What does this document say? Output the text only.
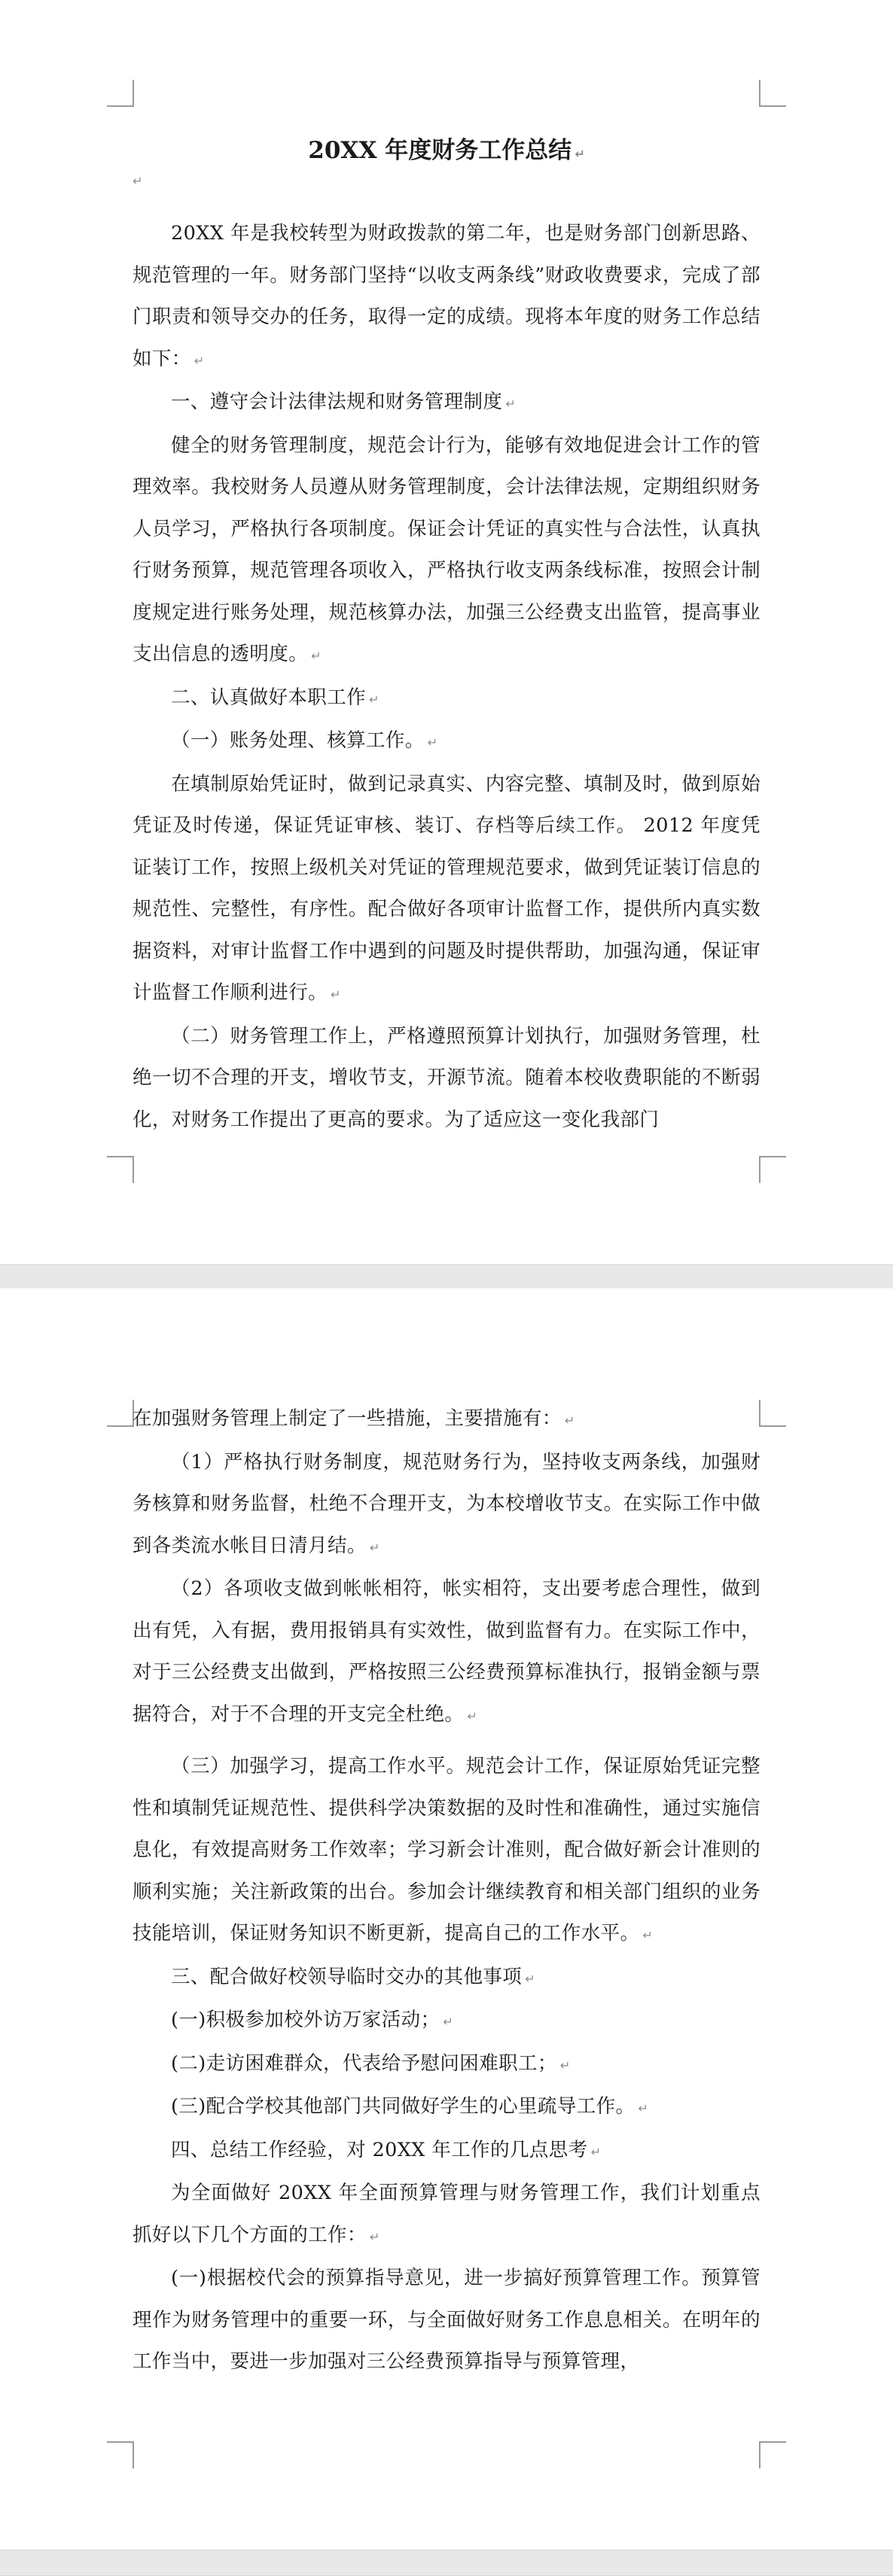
20XX 年度财务工作总结 ↵
↵

20XX 年是我校转型为财政拨款的第二年，也是财务部门创新思路、规范管理的一年。财务部门坚持“以收支两条线”财政收费要求，完成了部门职责和领导交办的任务，取得一定的成绩。现将本年度的财务工作总结如下： ↵

一、遵守会计法律法规和财务管理制度 ↵

健全的财务管理制度，规范会计行为，能够有效地促进会计工作的管理效率。我校财务人员遵从财务管理制度，会计法律法规，定期组织财务人员学习，严格执行各项制度。保证会计凭证的真实性与合法性，认真执行财务预算，规范管理各项收入，严格执行收支两条线标准，按照会计制度规定进行账务处理，规范核算办法，加强三公经费支出监管，提高事业支出信息的透明度。 ↵

二、认真做好本职工作 ↵

（一）账务处理、核算工作。 ↵

在填制原始凭证时，做到记录真实、内容完整、填制及时，做到原始凭证及时传递，保证凭证审核、装订、存档等后续工作。 2012 年度凭证装订工作，按照上级机关对凭证的管理规范要求，做到凭证装订信息的规范性、完整性，有序性。配合做好各项审计监督工作，提供所内真实数据资料，对审计监督工作中遇到的问题及时提供帮助，加强沟通，保证审计监督工作顺利进行。 ↵

（二）财务管理工作上，严格遵照预算计划执行，加强财务管理，杜绝一切不合理的开支，增收节支，开源节流。随着本校收费职能的不断弱化，对财务工作提出了更高的要求。为了适应这一变化我部门

在加强财务管理上制定了一些措施，主要措施有： ↵

（1）严格执行财务制度，规范财务行为，坚持收支两条线，加强财务核算和财务监督，杜绝不合理开支，为本校增收节支。在实际工作中做到各类流水帐目日清月结。 ↵

（2）各项收支做到帐帐相符，帐实相符，支出要考虑合理性，做到出有凭，入有据，费用报销具有实效性，做到监督有力。在实际工作中，对于三公经费支出做到，严格按照三公经费预算标准执行，报销金额与票据符合，对于不合理的开支完全杜绝。 ↵

（三）加强学习，提高工作水平。规范会计工作，保证原始凭证完整性和填制凭证规范性、提供科学决策数据的及时性和准确性，通过实施信息化，有效提高财务工作效率；学习新会计准则，配合做好新会计准则的顺利实施；关注新政策的出台。参加会计继续教育和相关部门组织的业务技能培训，保证财务知识不断更新，提高自己的工作水平。 ↵

三、配合做好校领导临时交办的其他事项 ↵

(一)积极参加校外访万家活动； ↵

(二)走访困难群众，代表给予慰问困难职工； ↵

(三)配合学校其他部门共同做好学生的心里疏导工作。 ↵

四、总结工作经验，对 20XX 年工作的几点思考 ↵

为全面做好 20XX 年全面预算管理与财务管理工作，我们计划重点抓好以下几个方面的工作： ↵

(一)根据校代会的预算指导意见，进一步搞好预算管理工作。预算管理作为财务管理中的重要一环，与全面做好财务工作息息相关。在明年的工作当中，要进一步加强对三公经费预算指导与预算管理，
